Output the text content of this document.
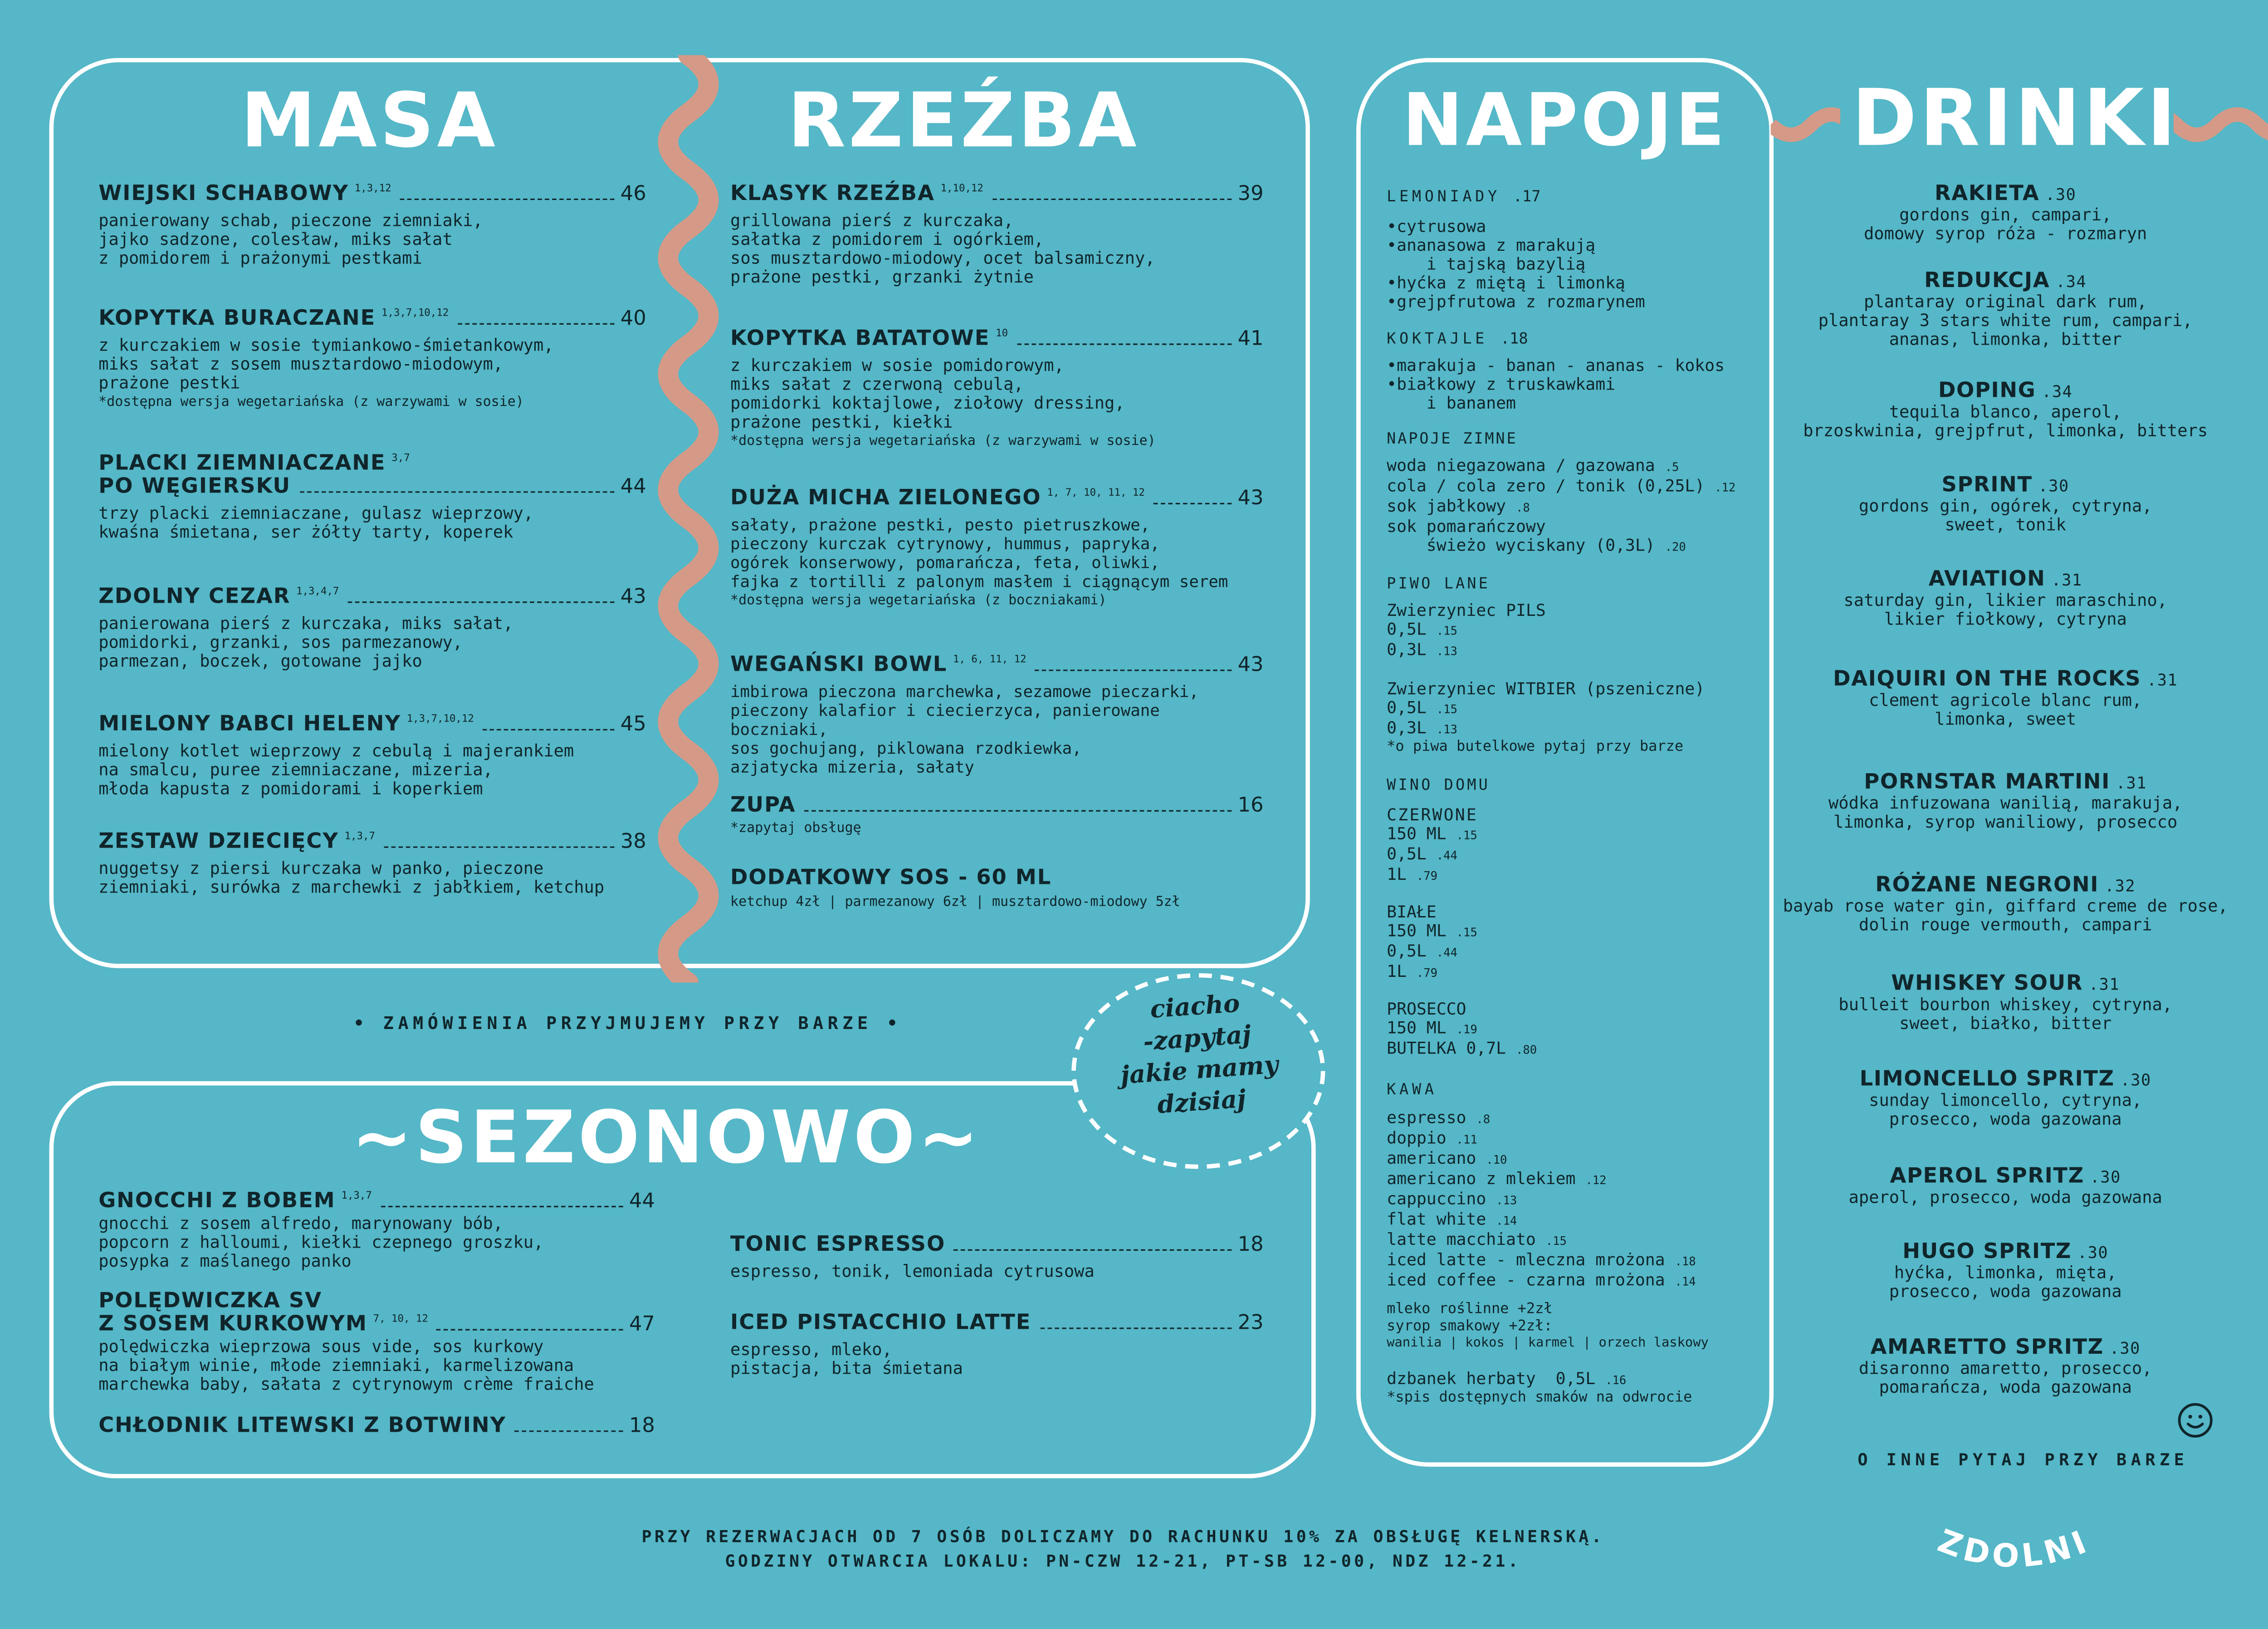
MASA	RZEŹBA	NAPOJE	DRINKI
~SEZONOWO~
WIEJSKI SCHABOWY 1,3,12	46
panierowany schab, pieczone ziemniaki,
jajko sadzone, colesław, miks sałat
z pomidorem i prażonymi pestkami
KOPYTKA BURACZANE 1,3,7,10,12	40
z kurczakiem w sosie tymiankowo-śmietankowym,
miks sałat z sosem musztardowo-miodowym,
prażone pestki
*dostępna wersja wegetariańska (z warzywami w sosie)
PLACKI ZIEMNIACZANE 3,7
PO WĘGIERSKU	44
trzy placki ziemniaczane, gulasz wieprzowy,
kwaśna śmietana, ser żółty tarty, koperek
ZDOLNY CEZAR 1,3,4,7	43
panierowana pierś z kurczaka, miks sałat,
pomidorki, grzanki, sos parmezanowy,
parmezan, boczek, gotowane jajko
MIELONY BABCI HELENY 1,3,7,10,12	45
mielony kotlet wieprzowy z cebulą i majerankiem
na smalcu, puree ziemniaczane, mizeria,
młoda kapusta z pomidorami i koperkiem
ZESTAW DZIECIĘCY 1,3,7	38
nuggetsy z piersi kurczaka w panko, pieczone
ziemniaki, surówka z marchewki z jabłkiem, ketchup
KLASYK RZEŹBA 1,10,12	39
grillowana pierś z kurczaka,
sałatka z pomidorem i ogórkiem,
sos musztardowo-miodowy, ocet balsamiczny,
prażone pestki, grzanki żytnie
KOPYTKA BATATOWE 10	41
z kurczakiem w sosie pomidorowym,
miks sałat z czerwoną cebulą,
pomidorki koktajlowe, ziołowy dressing,
prażone pestki, kiełki
*dostępna wersja wegetariańska (z warzywami w sosie)
DUŻA MICHA ZIELONEGO 1, 7, 10, 11, 12	43
sałaty, prażone pestki, pesto pietruszkowe,
pieczony kurczak cytrynowy, hummus, papryka,
ogórek konserwowy, pomarańcza, feta, oliwki,
fajka z tortilli z palonym masłem i ciągnącym serem
*dostępna wersja wegetariańska (z boczniakami)
WEGAŃSKI BOWL 1, 6, 11, 12	43
imbirowa pieczona marchewka, sezamowe pieczarki,
pieczony kalafior i ciecierzyca, panierowane boczniaki,
sos gochujang, piklowana rzodkiewka,
azjatycka mizeria, sałaty
ZUPA	16
*zapytaj obsługę
DODATKOWY SOS - 60 ML
ketchup 4zł | parmezanowy 6zł | musztardowo-miodowy 5zł
• ZAMÓWIENIA PRZYJMUJEMY PRZY BARZE •	ciacho
-zapytaj
jakie mamy
dzisiaj
GNOCCHI Z BOBEM 1,3,7	44
gnocchi z sosem alfredo, marynowany bób,
popcorn z halloumi, kiełki czepnego groszku,
posypka z maślanego panko
POLĘDWICZKA SV
Z SOSEM KURKOWYM 7, 10, 12	47
polędwiczka wieprzowa sous vide, sos kurkowy
na białym winie, młode ziemniaki, karmelizowana
marchewka baby, sałata z cytrynowym crème fraiche
CHŁODNIK LITEWSKI Z BOTWINY	18
TONIC ESPRESSO	18
espresso, tonik, lemoniada cytrusowa
ICED PISTACCHIO LATTE	23
espresso, mleko,
pistacja, bita śmietana
LEMONIADY	.17
•cytrusowa
•ananasowa z marakują
i tajską bazylią
•hyćka z miętą i limonką
•grejpfrutowa z rozmarynem
KOKTAJLE	.18
•marakuja - banan - ananas - kokos
•białkowy z truskawkami
i bananem
NAPOJE ZIMNE
woda niegazowana / gazowana	.5
cola / cola zero / tonik (0,25L)	.12
sok jabłkowy	.8
sok pomarańczowy
świeżo wyciskany (0,3L)	.20
PIWO LANE
Zwierzyniec PILS
0,5L	.15
0,3L	.13
Zwierzyniec WITBIER (pszeniczne)
0,5L	.15
0,3L	.13
*o piwa butelkowe pytaj przy barze
WINO DOMU
CZERWONE
150 ML	.15
0,5L	.44
1L	.79
BIAŁE
150 ML	.15
0,5L	.44
1L	.79
PROSECCO
150 ML	.19
BUTELKA 0,7L	.80
KAWA
espresso	.8
doppio	.11
americano	.10
americano z mlekiem	.12
cappuccino	.13
flat white	.14
latte macchiato	.15
iced latte - mleczna mrożona	.18
iced coffee - czarna mrożona	.14
mleko roślinne +2zł
syrop smakowy +2zł:
wanilia | kokos | karmel | orzech laskowy
dzbanek herbaty  0,5L	.16
*spis dostępnych smaków na odwrocie
RAKIETA .30
gordons gin, campari,
domowy syrop róża - rozmaryn
REDUKCJA .34
plantaray original dark rum,
plantaray 3 stars white rum, campari,
ananas, limonka, bitter
DOPING .34
tequila blanco, aperol,
brzoskwinia, grejpfrut, limonka, bitters
SPRINT .30
gordons gin, ogórek, cytryna,
sweet, tonik
AVIATION .31
saturday gin, likier maraschino,
likier fiołkowy, cytryna
DAIQUIRI ON THE ROCKS .31
clement agricole blanc rum,
limonka, sweet
PORNSTAR MARTINI .31
wódka infuzowana wanilią, marakuja,
limonka, syrop waniliowy, prosecco
RÓŻANE NEGRONI .32
bayab rose water gin, giffard creme de rose,
dolin rouge vermouth, campari
WHISKEY SOUR .31
bulleit bourbon whiskey, cytryna,
sweet, białko, bitter
LIMONCELLO SPRITZ .30
sunday limoncello, cytryna,
prosecco, woda gazowana
APEROL SPRITZ .30
aperol, prosecco, woda gazowana
HUGO SPRITZ .30
hyćka, limonka, mięta,
prosecco, woda gazowana
AMARETTO SPRITZ .30
disaronno amaretto, prosecco,
pomarańcza, woda gazowana
O INNE PYTAJ PRZY BARZE
PRZY REZERWACJACH OD 7 OSÓB DOLICZAMY DO RACHUNKU 10% ZA OBSŁUGĘ KELNERSKĄ.
GODZINY OTWARCIA LOKALU: PN-CZW 12-21, PT-SB 12-00, NDZ 12-21.	ZDOLNI
